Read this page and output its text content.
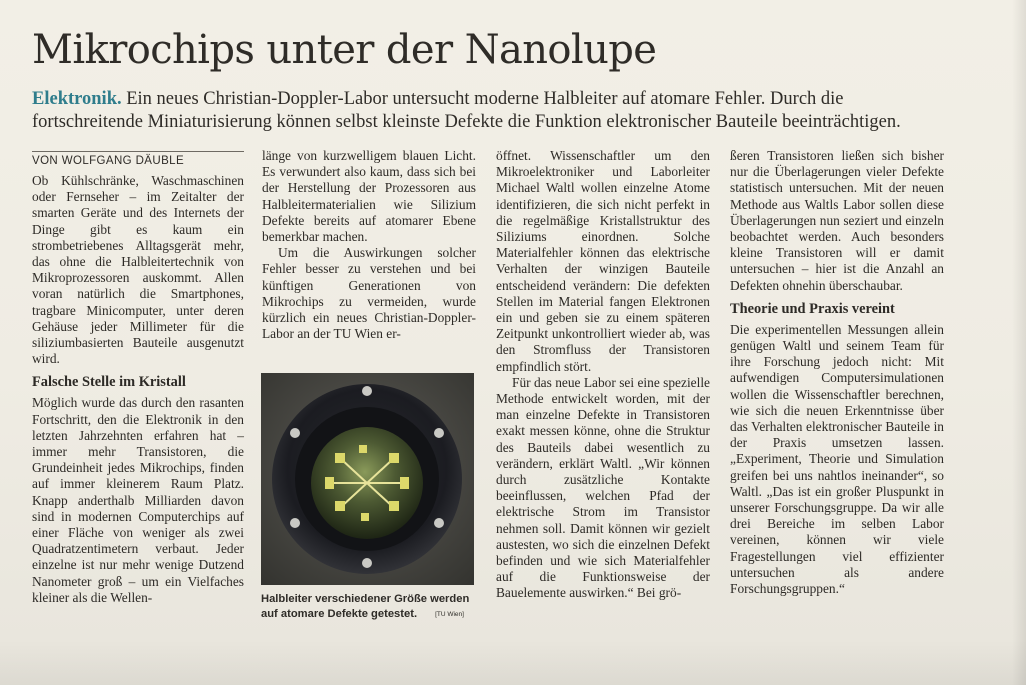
Mikrochips unter der Nanolupe
Elektronik. Ein neues Christian-Doppler-Labor untersucht moderne Halbleiter auf atomare Fehler. Durch die fortschreitende Miniaturisierung können selbst kleinste Defekte die Funktion elektronischer Bauteile beeinträchtigen.
VON WOLFGANG DÄUBLE

Ob Kühlschränke, Waschmaschinen oder Fernseher – im Zeitalter der smarten Geräte und des Internets der Dinge gibt es kaum ein strombetriebenes Alltagsgerät mehr, das ohne die Halbleitertechnik von Mikroprozessoren auskommt. Allen voran natürlich die Smartphones, tragbare Minicomputer, unter deren Gehäuse jeder Millimeter für die siliziumbasierten Bauteile ausgenutzt wird.

Falsche Stelle im Kristall

Möglich wurde das durch den rasanten Fortschritt, den die Elektronik in den letzten Jahrzehnten erfahren hat – immer mehr Transistoren, die Grundeinheit jedes Mikrochips, finden auf immer kleinerem Raum Platz. Knapp anderthalb Milliarden davon sind in modernen Computerchips auf einer Fläche von weniger als zwei Quadratzentimetern verbaut. Jeder einzelne ist nur mehr wenige Dutzend Nanometer groß – um ein Vielfaches kleiner als die Wellen-

länge von kurzwelligem blauen Licht. Es verwundert also kaum, dass sich bei der Herstellung der Prozessoren aus Halbleitermaterialien wie Silizium Defekte bereits auf atomarer Ebene bemerkbar machen.

Um die Auswirkungen solcher Fehler besser zu verstehen und bei künftigen Generationen von Mikrochips zu vermeiden, wurde kürzlich ein neues Christian-Doppler-Labor an der TU Wien er-

Halbleiter verschiedener Größe werden auf atomare Defekte getestet.	[TU Wien]

öffnet. Wissenschaftler um den Mikroelektroniker und Laborleiter Michael Waltl wollen einzelne Atome identifizieren, die sich nicht perfekt in die regelmäßige Kristallstruktur des Siliziums einordnen. Solche Materialfehler können das elektrische Verhalten der winzigen Bauteile entscheidend verändern: Die defekten Stellen im Material fangen Elektronen ein und geben sie zu einem späteren Zeitpunkt unkontrolliert wieder ab, was den Stromfluss der Transistoren empfindlich stört.

Für das neue Labor sei eine spezielle Methode entwickelt worden, mit der man einzelne Defekte in Transistoren exakt messen könne, ohne die Struktur des Bauteils dabei wesentlich zu verändern, erklärt Waltl. „Wir können durch zusätzliche Kontakte beeinflussen, welchen Pfad der elektrische Strom im Transistor nehmen soll. Damit können wir gezielt austesten, wo sich die einzelnen Defekt befinden und wie sich Materialfehler auf die Funktionsweise der Bauelemente auswirken.“ Bei grö-

ßeren Transistoren ließen sich bisher nur die Überlagerungen vieler Defekte statistisch untersuchen. Mit der neuen Methode aus Waltls Labor sollen diese Überlagerungen nun seziert und einzeln beobachtet werden. Auch besonders kleine Transistoren will er damit untersuchen – hier ist die Anzahl an Defekten ohnehin überschaubar.

Theorie und Praxis vereint

Die experimentellen Messungen allein genügen Waltl und seinem Team für ihre Forschung jedoch nicht: Mit aufwendigen Computersimulationen wollen die Wissenschaftler berechnen, wie sich die neuen Erkenntnisse über das Verhalten elektronischer Bauteile in der Praxis umsetzen lassen. „Experiment, Theorie und Simulation greifen bei uns nahtlos ineinander“, so Waltl. „Das ist ein großer Pluspunkt in unserer Forschungsgruppe. Da wir alle drei Bereiche im selben Labor vereinen, können wir viele Fragestellungen viel effizienter untersuchen als andere Forschungsgruppen.“
